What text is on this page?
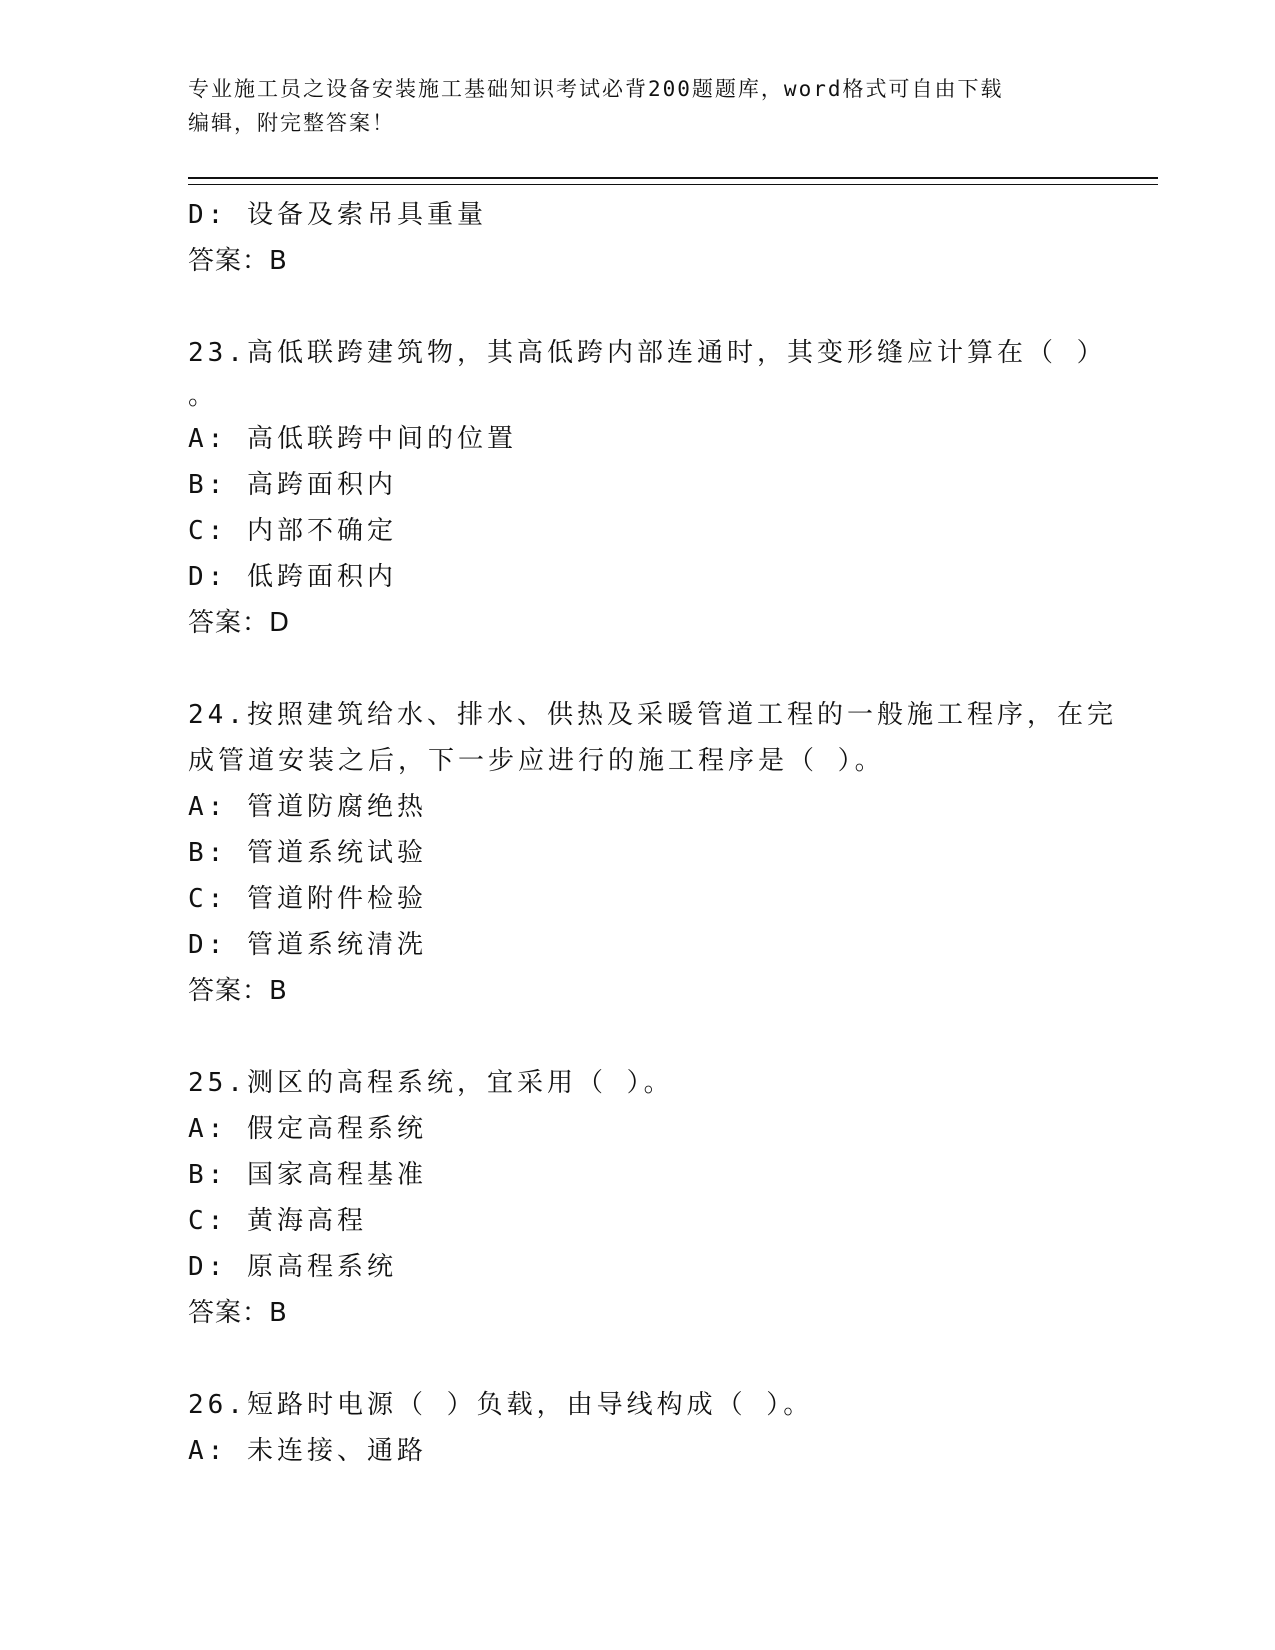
专业施工员之设备安装施工基础知识考试必背200题题库，word格式可自由下载
编辑，附完整答案！
D: 设备及索吊具重量
答案：B
23.高低联跨建筑物，其高低跨内部连通时，其变形缝应计算在（ ）
。
A: 高低联跨中间的位置
B: 高跨面积内
C: 内部不确定
D: 低跨面积内
答案：D
24.按照建筑给水、排水、供热及采暖管道工程的一般施工程序，在完
成管道安装之后，下一步应进行的施工程序是（ ）。
A: 管道防腐绝热
B: 管道系统试验
C: 管道附件检验
D: 管道系统清洗
答案：B
25.测区的高程系统，宜采用（ ）。
A: 假定高程系统
B: 国家高程基准
C: 黄海高程
D: 原高程系统
答案：B
26.短路时电源（ ）负载，由导线构成（ ）。
A: 未连接、通路
